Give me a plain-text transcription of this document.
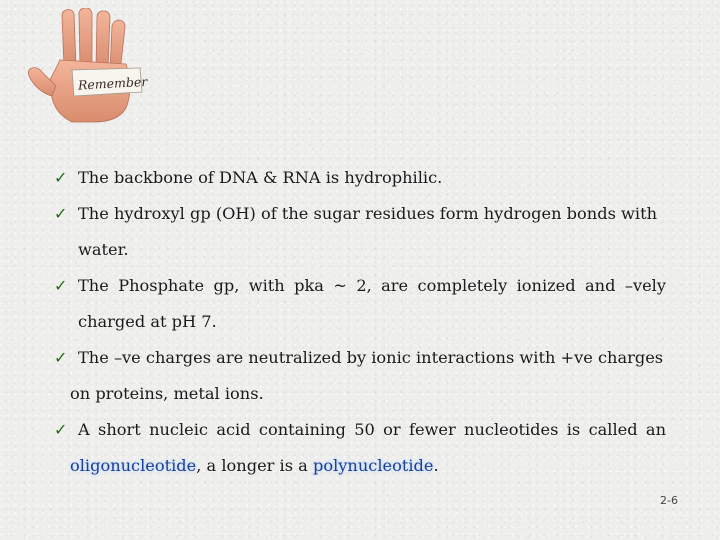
Remember
✓ The backbone of DNA & RNA is hydrophilic.
✓ The hydroxyl gp (OH) of the sugar residues form hydrogen bonds with
water.
✓ The Phosphate gp, with pka ~ 2, are completely ionized and –vely
charged at pH 7.
✓ The –ve charges are neutralized by ionic interactions with +ve charges
on proteins, metal ions.
✓ A short nucleic acid containing 50 or fewer nucleotides is called an
oligonucleotide, a longer is a polynucleotide.
2-6
